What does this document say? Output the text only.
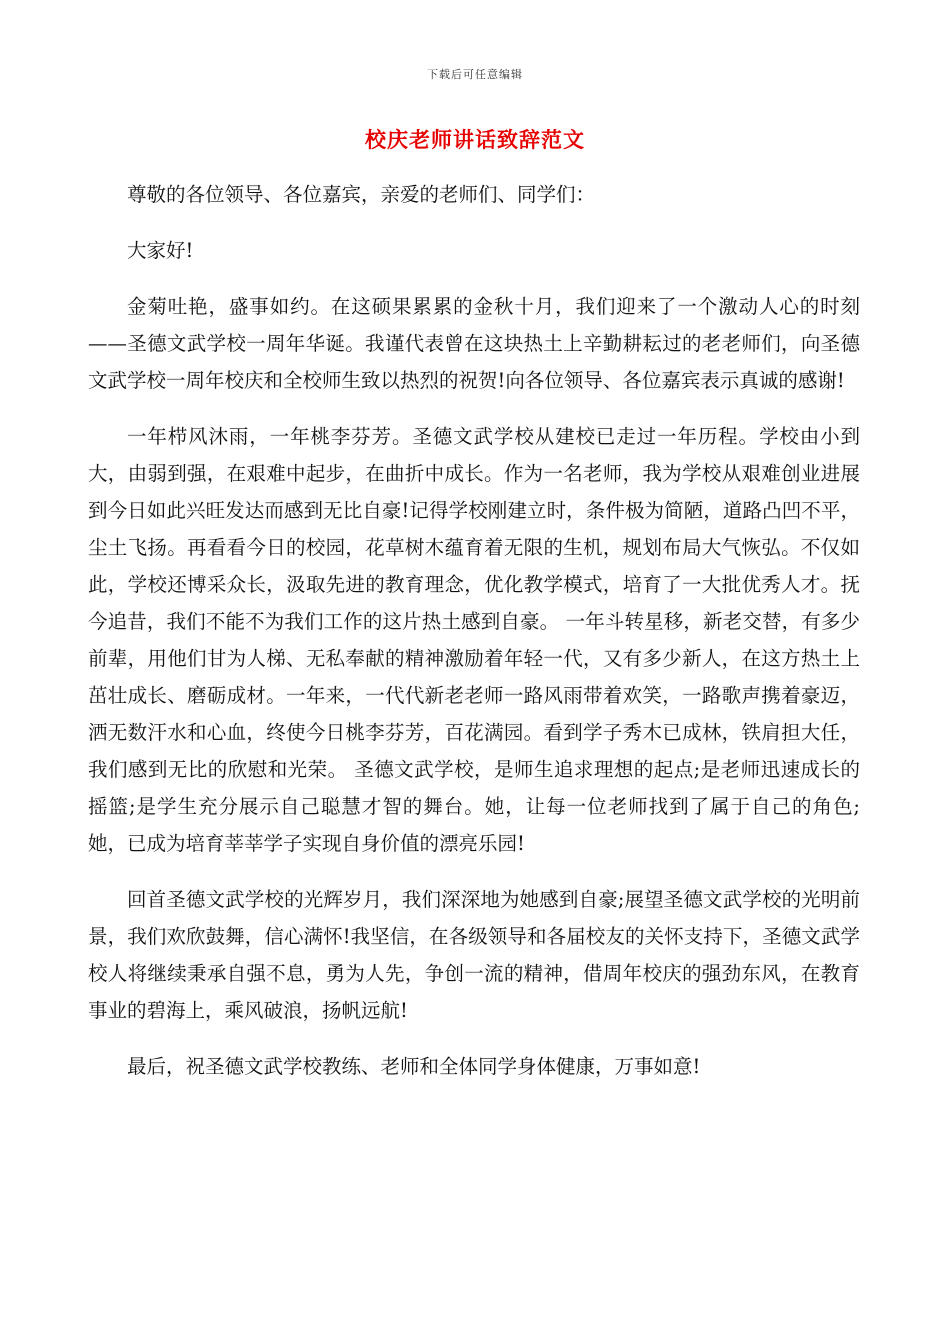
下载后可任意编辑
校庆老师讲话致辞范文

尊敬的各位领导、各位嘉宾，亲爱的老师们、同学们：

大家好!

金菊吐艳，盛事如约。在这硕果累累的金秋十月，我们迎来了一个激动人心的时刻——圣德文武学校一周年华诞。我谨代表曾在这块热土上辛勤耕耘过的老老师们，向圣德文武学校一周年校庆和全校师生致以热烈的祝贺!向各位领导、各位嘉宾表示真诚的感谢!

一年栉风沐雨，一年桃李芬芳。圣德文武学校从建校已走过一年历程。学校由小到大，由弱到强，在艰难中起步，在曲折中成长。作为一名老师，我为学校从艰难创业进展到今日如此兴旺发达而感到无比自豪!记得学校刚建立时，条件极为简陋，道路凸凹不平，尘土飞扬。再看看今日的校园，花草树木蕴育着无限的生机，规划布局大气恢弘。不仅如此，学校还博采众长，汲取先进的教育理念，优化教学模式，培育了一大批优秀人才。抚今追昔，我们不能不为我们工作的这片热土感到自豪。 一年斗转星移，新老交替，有多少前辈，用他们甘为人梯、无私奉献的精神激励着年轻一代，又有多少新人，在这方热土上茁壮成长、磨砺成材。一年来，一代代新老老师一路风雨带着欢笑，一路歌声携着豪迈，洒无数汗水和心血，终使今日桃李芬芳，百花满园。看到学子秀木已成林，铁肩担大任，我们感到无比的欣慰和光荣。 圣德文武学校，是师生追求理想的起点;是老师迅速成长的摇篮;是学生充分展示自己聪慧才智的舞台。她，让每一位老师找到了属于自己的角色;她，已成为培育莘莘学子实现自身价值的漂亮乐园!

回首圣德文武学校的光辉岁月，我们深深地为她感到自豪;展望圣德文武学校的光明前景，我们欢欣鼓舞，信心满怀!我坚信，在各级领导和各届校友的关怀支持下，圣德文武学校人将继续秉承自强不息，勇为人先，争创一流的精神，借周年校庆的强劲东风，在教育事业的碧海上，乘风破浪，扬帆远航!

最后，祝圣德文武学校教练、老师和全体同学身体健康，万事如意!
